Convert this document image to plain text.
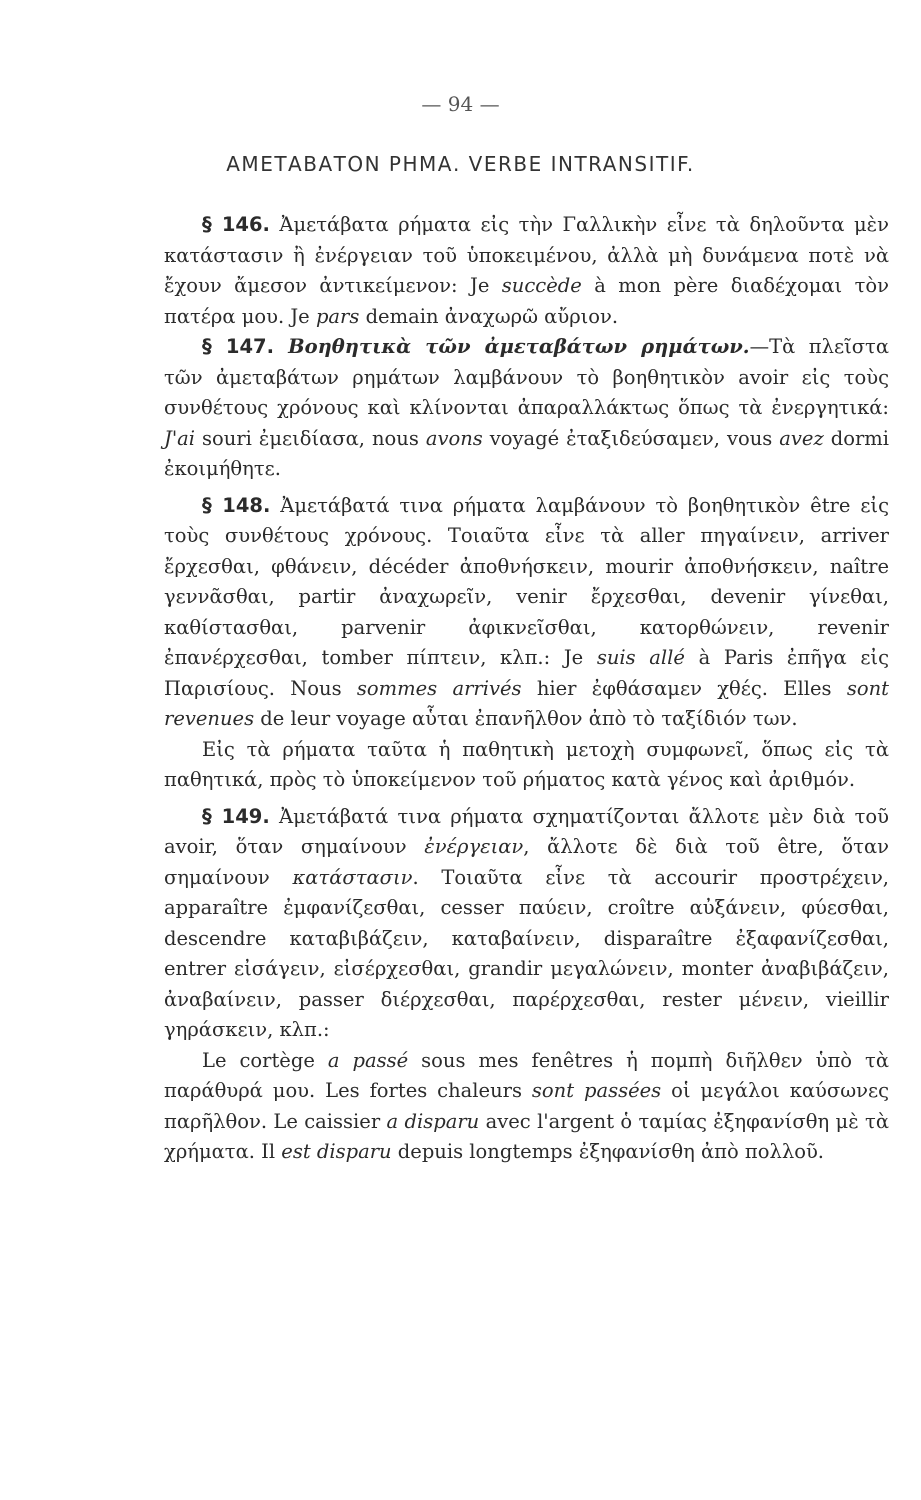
— 94 —
ΑΜΕΤΑΒΑΤΟΝ ΡΗΜΑ. VERBE INTRANSITIF.

§ 146. Ἀμετάβατα ρήματα εἰς τὴν Γαλλικὴν εἶνε τὰ δηλοῦντα μὲν κατάστασιν ἢ ἐνέργειαν τοῦ ὑποκειμένου, ἀλλὰ μὴ δυνάμενα ποτὲ νὰ ἔχουν ἄμεσον ἀντικείμενον: Je succède à mon père διαδέχομαι τὸν πατέρα μου. Je pars demain ἀναχωρῶ αὔριον.

§ 147. Βοηθητικὰ τῶν ἀμεταβάτων ρημάτων.—Τὰ πλεῖστα τῶν ἀμεταβάτων ρημάτων λαμβάνουν τὸ βοηθητικὸν avoir εἰς τοὺς συνθέτους χρόνους καὶ κλίνονται ἀπαραλλάκτως ὅπως τὰ ἐνεργητικά: J'ai souri ἐμειδίασα, nous avons voyagé ἐταξιδεύσαμεν, vous avez dormi ἐκοιμήθητε.

§ 148. Ἀμετάβατά τινα ρήματα λαμβάνουν τὸ βοηθητικὸν être εἰς τοὺς συνθέτους χρόνους. Τοιαῦτα εἶνε τὰ aller πηγαίνειν, arriver ἔρχεσθαι, φθάνειν, décéder ἀποθνήσκειν, mourir ἀποθνήσκειν, naître γεννᾶσθαι, partir ἀναχωρεῖν, venir ἔρχεσθαι, devenir γίνεθαι, καθίστασθαι, parvenir ἀφικνεῖσθαι, κατορθώνειν, revenir ἐπανέρχεσθαι, tomber πίπτειν, κλπ.: Je suis allé à Paris ἐπῆγα εἰς Παρισίους. Nous sommes arrivés hier ἐφθάσαμεν χθές. Elles sont revenues de leur voyage αὗται ἐπανῆλθον ἀπὸ τὸ ταξίδιόν των.

Εἰς τὰ ρήματα ταῦτα ἡ παθητικὴ μετοχὴ συμφωνεῖ, ὅπως εἰς τὰ παθητικά, πρὸς τὸ ὑποκείμενον τοῦ ρήματος κατὰ γένος καὶ ἀριθμόν.

§ 149. Ἀμετάβατά τινα ρήματα σχηματίζονται ἄλλοτε μὲν διὰ τοῦ avoir, ὅταν σημαίνουν ἐνέργειαν, ἄλλοτε δὲ διὰ τοῦ être, ὅταν σημαίνουν κατάστασιν. Τοιαῦτα εἶνε τὰ accourir προστρέχειν, apparaître ἐμφανίζεσθαι, cesser παύειν, croître αὐξάνειν, φύεσθαι, descendre καταβιβάζειν, καταβαίνειν, disparaître ἐξαφανίζεσθαι, entrer εἰσάγειν, εἰσέρχεσθαι, grandir μεγαλώνειν, monter ἀναβιβάζειν, ἀναβαίνειν, passer διέρχεσθαι, παρέρχεσθαι, rester μένειν, vieillir γηράσκειν, κλπ.:

Le cortège a passé sous mes fenêtres ἡ πομπὴ διῆλθεν ὑπὸ τὰ παράθυρά μου. Les fortes chaleurs sont passées οἱ μεγάλοι καύσωνες παρῆλθον. Le caissier a disparu avec l'argent ὁ ταμίας ἐξηφανίσθη μὲ τὰ χρήματα. Il est disparu depuis longtemps ἐξηφανίσθη ἀπὸ πολλοῦ.
